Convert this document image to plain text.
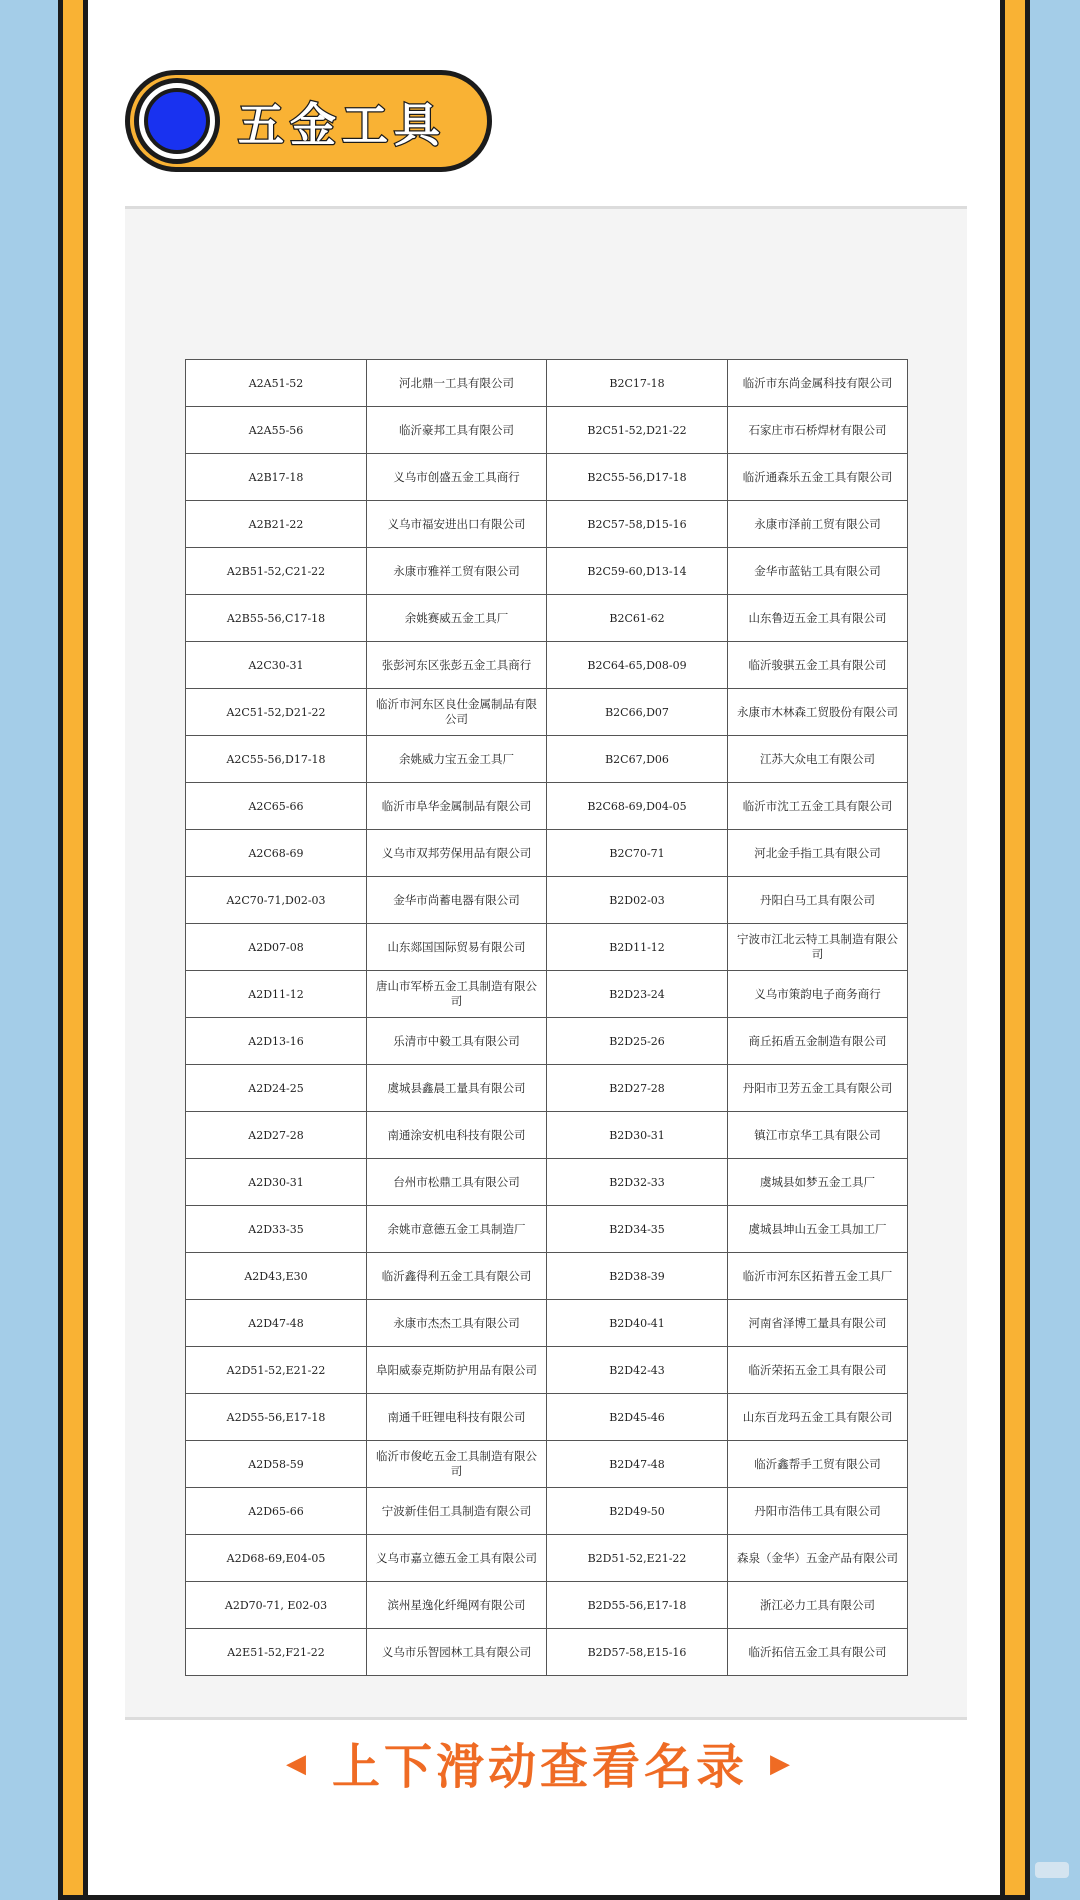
五金工具
A2A51-52	河北鼎一工具有限公司	B2C17-18	临沂市东尚金属科技有限公司
A2A55-56	临沂豪邦工具有限公司	B2C51-52,D21-22	石家庄市石桥焊材有限公司
A2B17-18	义乌市创盛五金工具商行	B2C55-56,D17-18	临沂通森乐五金工具有限公司
A2B21-22	义乌市福安进出口有限公司	B2C57-58,D15-16	永康市泽前工贸有限公司
A2B51-52,C21-22	永康市雅祥工贸有限公司	B2C59-60,D13-14	金华市蓝钻工具有限公司
A2B55-56,C17-18	余姚赛威五金工具厂	B2C61-62	山东鲁迈五金工具有限公司
A2C30-31	张彭河东区张彭五金工具商行	B2C64-65,D08-09	临沂骏骐五金工具有限公司
A2C51-52,D21-22	临沂市河东区良仕金属制品有限公司	B2C66,D07	永康市木林森工贸股份有限公司
A2C55-56,D17-18	余姚威力宝五金工具厂	B2C67,D06	江苏大众电工有限公司
A2C65-66	临沂市阜华金属制品有限公司	B2C68-69,D04-05	临沂市沈工五金工具有限公司
A2C68-69	义乌市双邦劳保用品有限公司	B2C70-71	河北金手指工具有限公司
A2C70-71,D02-03	金华市尚蓄电器有限公司	B2D02-03	丹阳白马工具有限公司
A2D07-08	山东郯国国际贸易有限公司	B2D11-12	宁波市江北云特工具制造有限公司
A2D11-12	唐山市军桥五金工具制造有限公司	B2D23-24	义乌市策韵电子商务商行
A2D13-16	乐清市中毅工具有限公司	B2D25-26	商丘拓盾五金制造有限公司
A2D24-25	虞城县鑫晨工量具有限公司	B2D27-28	丹阳市卫芳五金工具有限公司
A2D27-28	南通涂安机电科技有限公司	B2D30-31	镇江市京华工具有限公司
A2D30-31	台州市松鼎工具有限公司	B2D32-33	虞城县如梦五金工具厂
A2D33-35	余姚市意德五金工具制造厂	B2D34-35	虞城县坤山五金工具加工厂
A2D43,E30	临沂鑫得利五金工具有限公司	B2D38-39	临沂市河东区拓普五金工具厂
A2D47-48	永康市杰杰工具有限公司	B2D40-41	河南省泽博工量具有限公司
A2D51-52,E21-22	阜阳威泰克斯防护用品有限公司	B2D42-43	临沂荣拓五金工具有限公司
A2D55-56,E17-18	南通千旺锂电科技有限公司	B2D45-46	山东百龙玛五金工具有限公司
A2D58-59	临沂市俊屹五金工具制造有限公司	B2D47-48	临沂鑫帮手工贸有限公司
A2D65-66	宁波新佳侣工具制造有限公司	B2D49-50	丹阳市浩伟工具有限公司
A2D68-69,E04-05	义乌市嘉立德五金工具有限公司	B2D51-52,E21-22	森泉（金华）五金产品有限公司
A2D70-71, E02-03	滨州星逸化纤绳网有限公司	B2D55-56,E17-18	浙江必力工具有限公司
A2E51-52,F21-22	义乌市乐智园林工具有限公司	B2D57-58,E15-16	临沂拓信五金工具有限公司
◀ 上下滑动查看名录 ▶
